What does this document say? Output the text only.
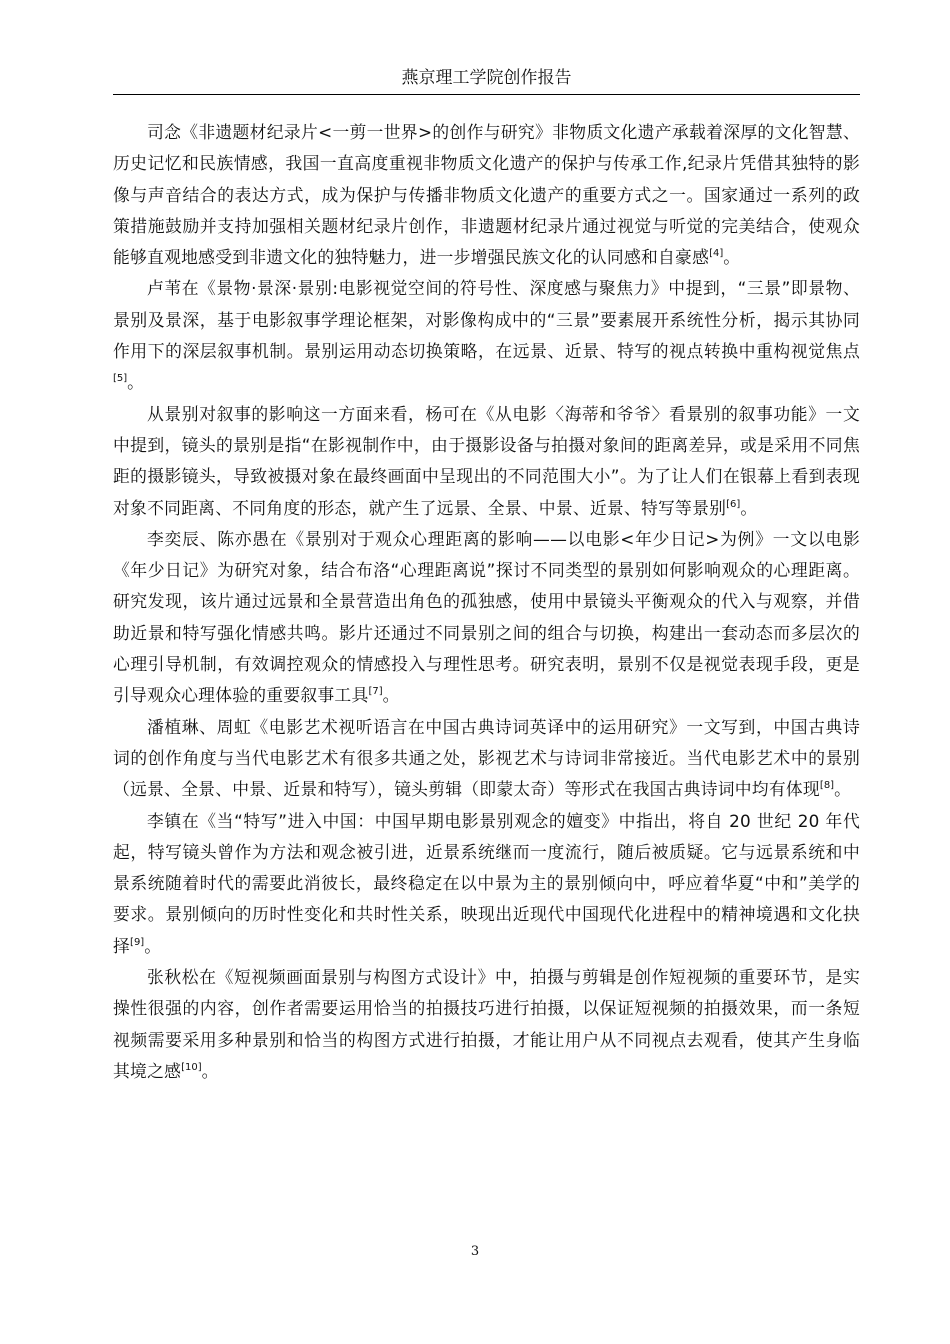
燕京理工学院创作报告

司念《非遗题材纪录片<一剪一世界>的创作与研究》非物质文化遗产承载着深厚的文化智慧、历史记忆和民族情感，我国一直高度重视非物质文化遗产的保护与传承工作,纪录片凭借其独特的影像与声音结合的表达方式，成为保护与传播非物质文化遗产的重要方式之一。国家通过一系列的政策措施鼓励并支持加强相关题材纪录片创作，非遗题材纪录片通过视觉与听觉的完美结合，使观众能够直观地感受到非遗文化的独特魅力，进一步增强民族文化的认同感和自豪感[4]。

卢苇在《景物·景深·景别:电影视觉空间的符号性、深度感与聚焦力》中提到，“三景”即景物、景别及景深，基于电影叙事学理论框架，对影像构成中的“三景”要素展开系统性分析，揭示其协同作用下的深层叙事机制。景别运用动态切换策略，在远景、近景、特写的视点转换中重构视觉焦点[5]。

从景别对叙事的影响这一方面来看，杨可在《从电影〈海蒂和爷爷〉看景别的叙事功能》一文中提到，镜头的景别是指“在影视制作中，由于摄影设备与拍摄对象间的距离差异，或是采用不同焦距的摄影镜头，导致被摄对象在最终画面中呈现出的不同范围大小”。为了让人们在银幕上看到表现对象不同距离、不同角度的形态，就产生了远景、全景、中景、近景、特写等景别[6]。

李奕辰、陈亦愚在《景别对于观众心理距离的影响——以电影<年少日记>为例》一文以电影《年少日记》为研究对象，结合布洛“心理距离说”探讨不同类型的景别如何影响观众的心理距离。研究发现，该片通过远景和全景营造出角色的孤独感，使用中景镜头平衡观众的代入与观察，并借助近景和特写强化情感共鸣。影片还通过不同景别之间的组合与切换，构建出一套动态而多层次的心理引导机制，有效调控观众的情感投入与理性思考。研究表明，景别不仅是视觉表现手段，更是引导观众心理体验的重要叙事工具[7]。

潘植琳、周虹《电影艺术视听语言在中国古典诗词英译中的运用研究》一文写到，中国古典诗词的创作角度与当代电影艺术有很多共通之处，影视艺术与诗词非常接近。当代电影艺术中的景别（远景、全景、中景、近景和特写），镜头剪辑（即蒙太奇）等形式在我国古典诗词中均有体现[8]。

李镇在《当“特写”进入中国：中国早期电影景别观念的嬗变》中指出，将自 20 世纪 20 年代起，特写镜头曾作为方法和观念被引进，近景系统继而一度流行，随后被质疑。它与远景系统和中景系统随着时代的需要此消彼长，最终稳定在以中景为主的景别倾向中，呼应着华夏“中和”美学的要求。景别倾向的历时性变化和共时性关系，映现出近现代中国现代化进程中的精神境遇和文化抉择[9]。

张秋松在《短视频画面景别与构图方式设计》中，拍摄与剪辑是创作短视频的重要环节，是实操性很强的内容，创作者需要运用恰当的拍摄技巧进行拍摄，以保证短视频的拍摄效果，而一条短视频需要采用多种景别和恰当的构图方式进行拍摄，才能让用户从不同视点去观看，使其产生身临其境之感[10]。

3
